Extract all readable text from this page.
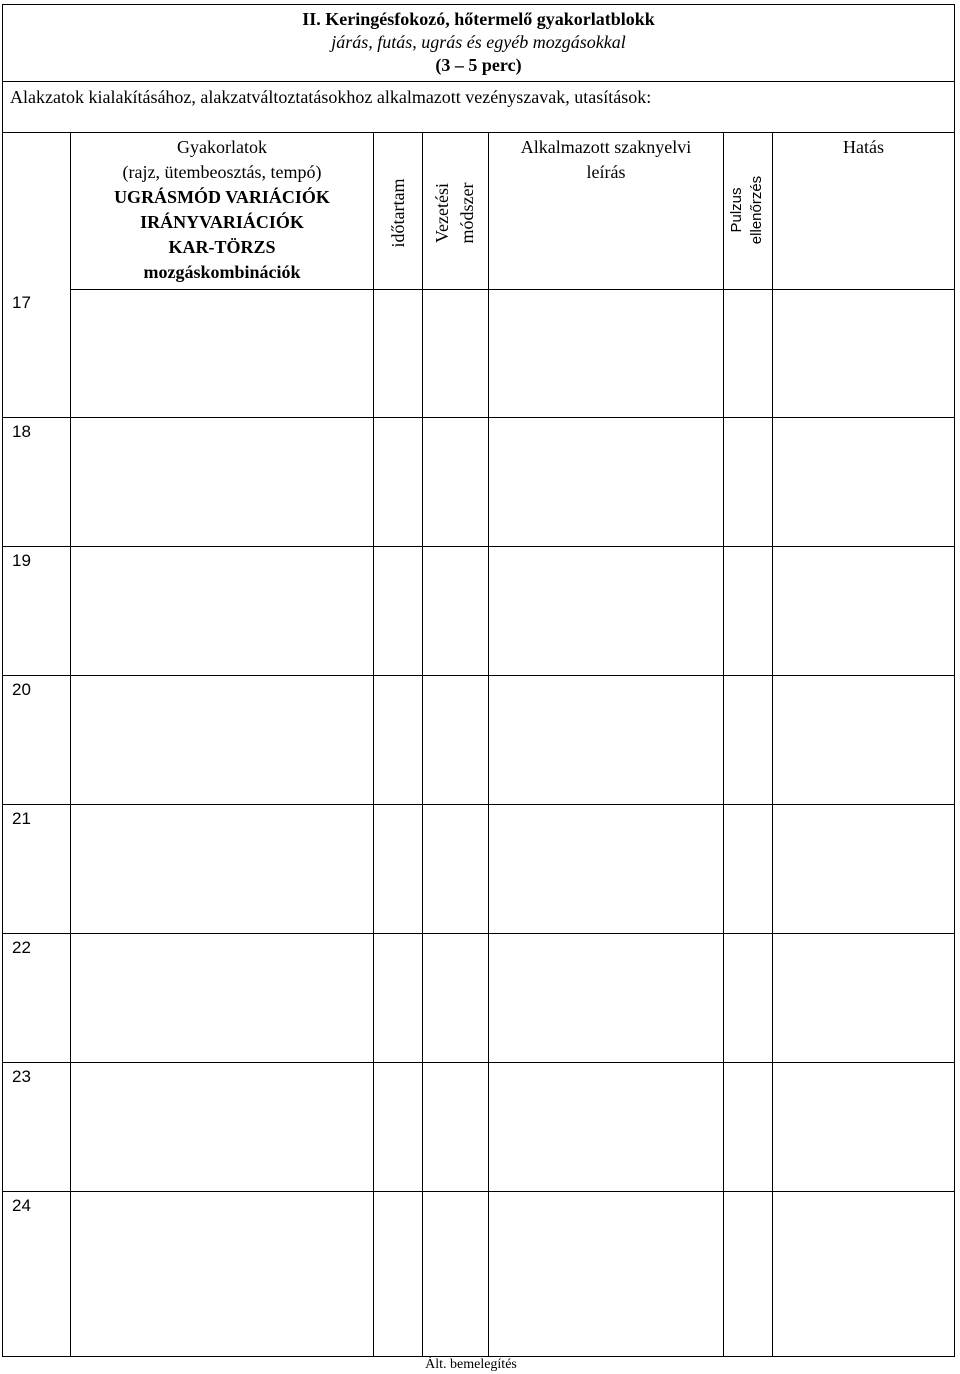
II. Keringésfokozó, hőtermelő gyakorlatblokk
járás, futás, ugrás és egyéb mozgásokkal
(3 – 5 perc)
Alakzatok kialakításához, alakzatváltoztatásokhoz alkalmazott vezényszavak, utasítások:
Gyakorlatok
(rajz, ütembeosztás, tempó)
UGRÁSMÓD VARIÁCIÓK
IRÁNYVARIÁCIÓK
KAR-TÖRZS
mozgáskombinációk
időtartam Vezetési módszer
Alkalmazott szaknyelvi
leírás
Pulzus ellenőrzés
Hatás
17
18
19
20
21
22
23
24
Ált. bemelegítés
